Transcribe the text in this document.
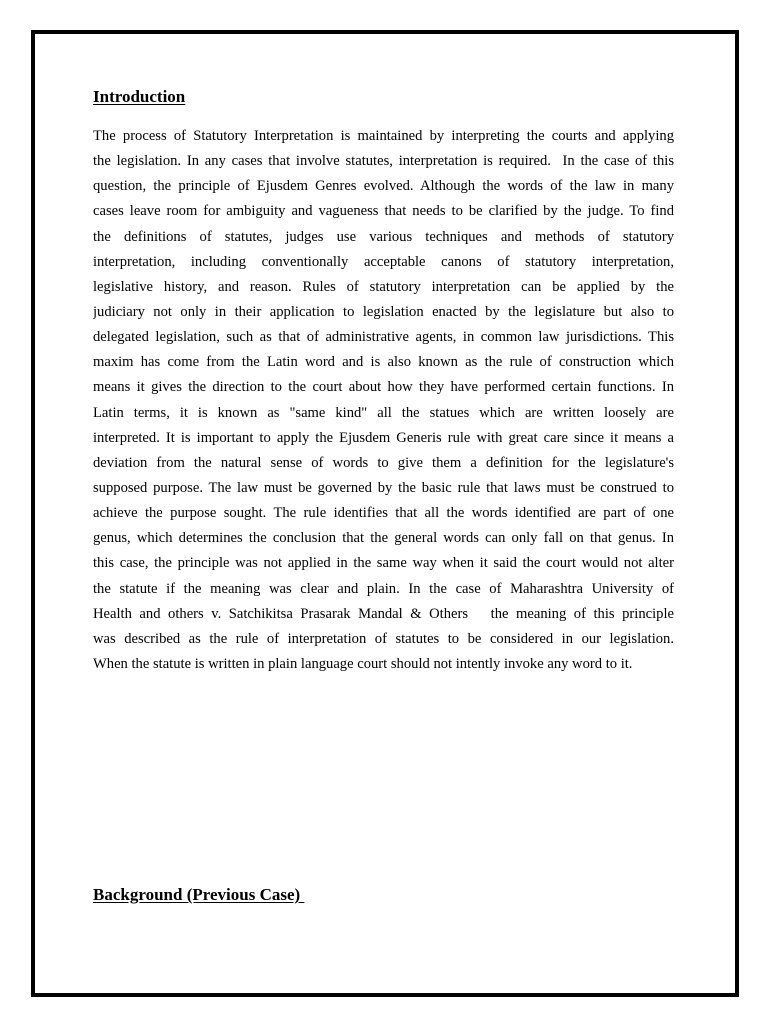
Introduction
The process of Statutory Interpretation is maintained by interpreting the courts and applying
the legislation. In any cases that involve statutes, interpretation is required.  In the case of this
question, the principle of Ejusdem Genres evolved. Although the words of the law in many
cases leave room for ambiguity and vagueness that needs to be clarified by the judge. To find
the definitions of statutes, judges use various techniques and methods of statutory
interpretation, including conventionally acceptable canons of statutory interpretation,
legislative history, and reason. Rules of statutory interpretation can be applied by the
judiciary not only in their application to legislation enacted by the legislature but also to
delegated legislation, such as that of administrative agents, in common law jurisdictions. This
maxim has come from the Latin word and is also known as the rule of construction which
means it gives the direction to the court about how they have performed certain functions. In
Latin terms, it is known as "same kind" all the statues which are written loosely are
interpreted. It is important to apply the Ejusdem Generis rule with great care since it means a
deviation from the natural sense of words to give them a definition for the legislature's
supposed purpose. The law must be governed by the basic rule that laws must be construed to
achieve the purpose sought. The rule identifies that all the words identified are part of one
genus, which determines the conclusion that the general words can only fall on that genus. In
this case, the principle was not applied in the same way when it said the court would not alter
the statute if the meaning was clear and plain. In the case of Maharashtra University of
Health and others v. Satchikitsa Prasarak Mandal & Others   the meaning of this principle
was described as the rule of interpretation of statutes to be considered in our legislation.
When the statute is written in plain language court should not intently invoke any word to it.
Background (Previous Case)
